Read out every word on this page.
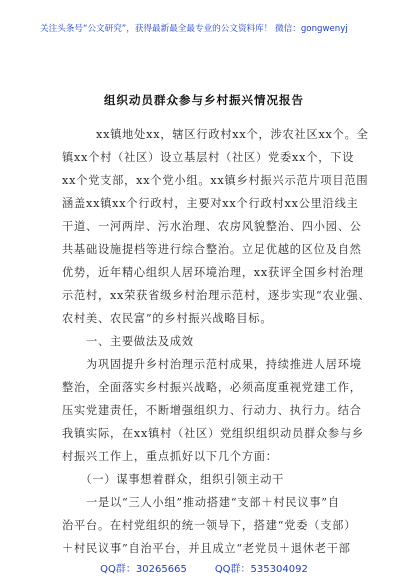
关注头条号“公文研究”，获得最新最全最专业的公文资料库！ 微信：gongwenyj
组织动员群众参与乡村振兴情况报告
　　xx镇地处xx，辖区行政村xx个，涉农社区xx个。全
镇xx个村（社区）设立基层村（社区）党委xx个，下设
xx个党支部，xx个党小组。xx镇乡村振兴示范片项目范围
涵盖xx镇xx个行政村，主要对xx个行政村xx公里沿线主
干道、一河两岸、污水治理、农房风貌整治、四小园、公
共基础设施提档等进行综合整治。立足优越的区位及自然
优势，近年精心组织人居环境治理，xx获评全国乡村治理
示范村，xx荣获省级乡村治理示范村，逐步实现“农业强、
农村美、农民富”的乡村振兴战略目标。
　　一、主要做法及成效
　　为巩固提升乡村治理示范村成果，持续推进人居环境
整治，全面落实乡村振兴战略，必须高度重视党建工作，
压实党建责任，不断增强组织力、行动力、执行力。结合
我镇实际，在xx镇村（社区）党组织组织动员群众参与乡
村振兴工作上，重点抓好以下几个方面：
　　（一）谋事想着群众，组织引领主动干
　　一是以“三人小组”推动搭建“支部＋村民议事”自
治平台。在村党组织的统一领导下，搭建“党委（支部）
＋村民议事”自治平台，并且成立“老党员＋退休老干部
QQ群：30265665	QQ群：535304092
